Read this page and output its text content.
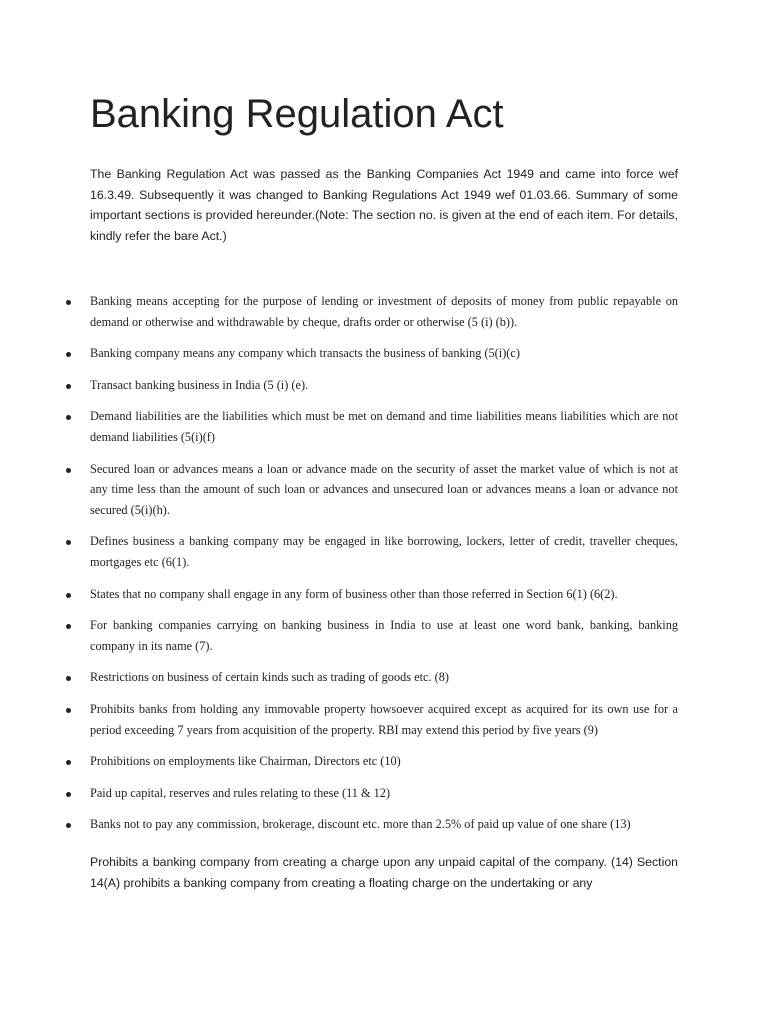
Banking Regulation Act

The Banking Regulation Act was passed as the Banking Companies Act 1949 and came into force wef 16.3.49. Subsequently it was changed to Banking Regulations Act 1949 wef 01.03.66. Summary of some important sections is provided hereunder.(Note: The section no. is given at the end of each item. For details, kindly refer the bare Act.)

Banking means accepting for the purpose of lending or investment of deposits of money from public repayable on demand or otherwise and withdrawable by cheque, drafts order or otherwise (5 (i) (b)).
Banking company means any company which transacts the business of banking (5(i)(c)
Transact banking business in India (5 (i) (e).
Demand liabilities are the liabilities which must be met on demand and time liabilities means liabilities which are not demand liabilities (5(i)(f)
Secured loan or advances means a loan or advance made on the security of asset the market value of which is not at any time less than the amount of such loan or advances and unsecured loan or advances means a loan or advance not secured (5(i)(h).
Defines business a banking company may be engaged in like borrowing, lockers, letter of credit, traveller cheques, mortgages etc (6(1).
States that no company shall engage in any form of business other than those referred in Section 6(1) (6(2).
For banking companies carrying on banking business in India to use at least one word bank, banking, banking company in its name (7).
Restrictions on business of certain kinds such as trading of goods etc. (8)
Prohibits banks from holding any immovable property howsoever acquired except as acquired for its own use for a period exceeding 7 years from acquisition of the property. RBI may extend this period by five years (9)
Prohibitions on employments like Chairman, Directors etc (10)
Paid up capital, reserves and rules relating to these (11 & 12)
Banks not to pay any commission, brokerage, discount etc. more than 2.5% of paid up value of one share (13)

Prohibits a banking company from creating a charge upon any unpaid capital of the company. (14) Section 14(A) prohibits a banking company from creating a floating charge on the undertaking or any
